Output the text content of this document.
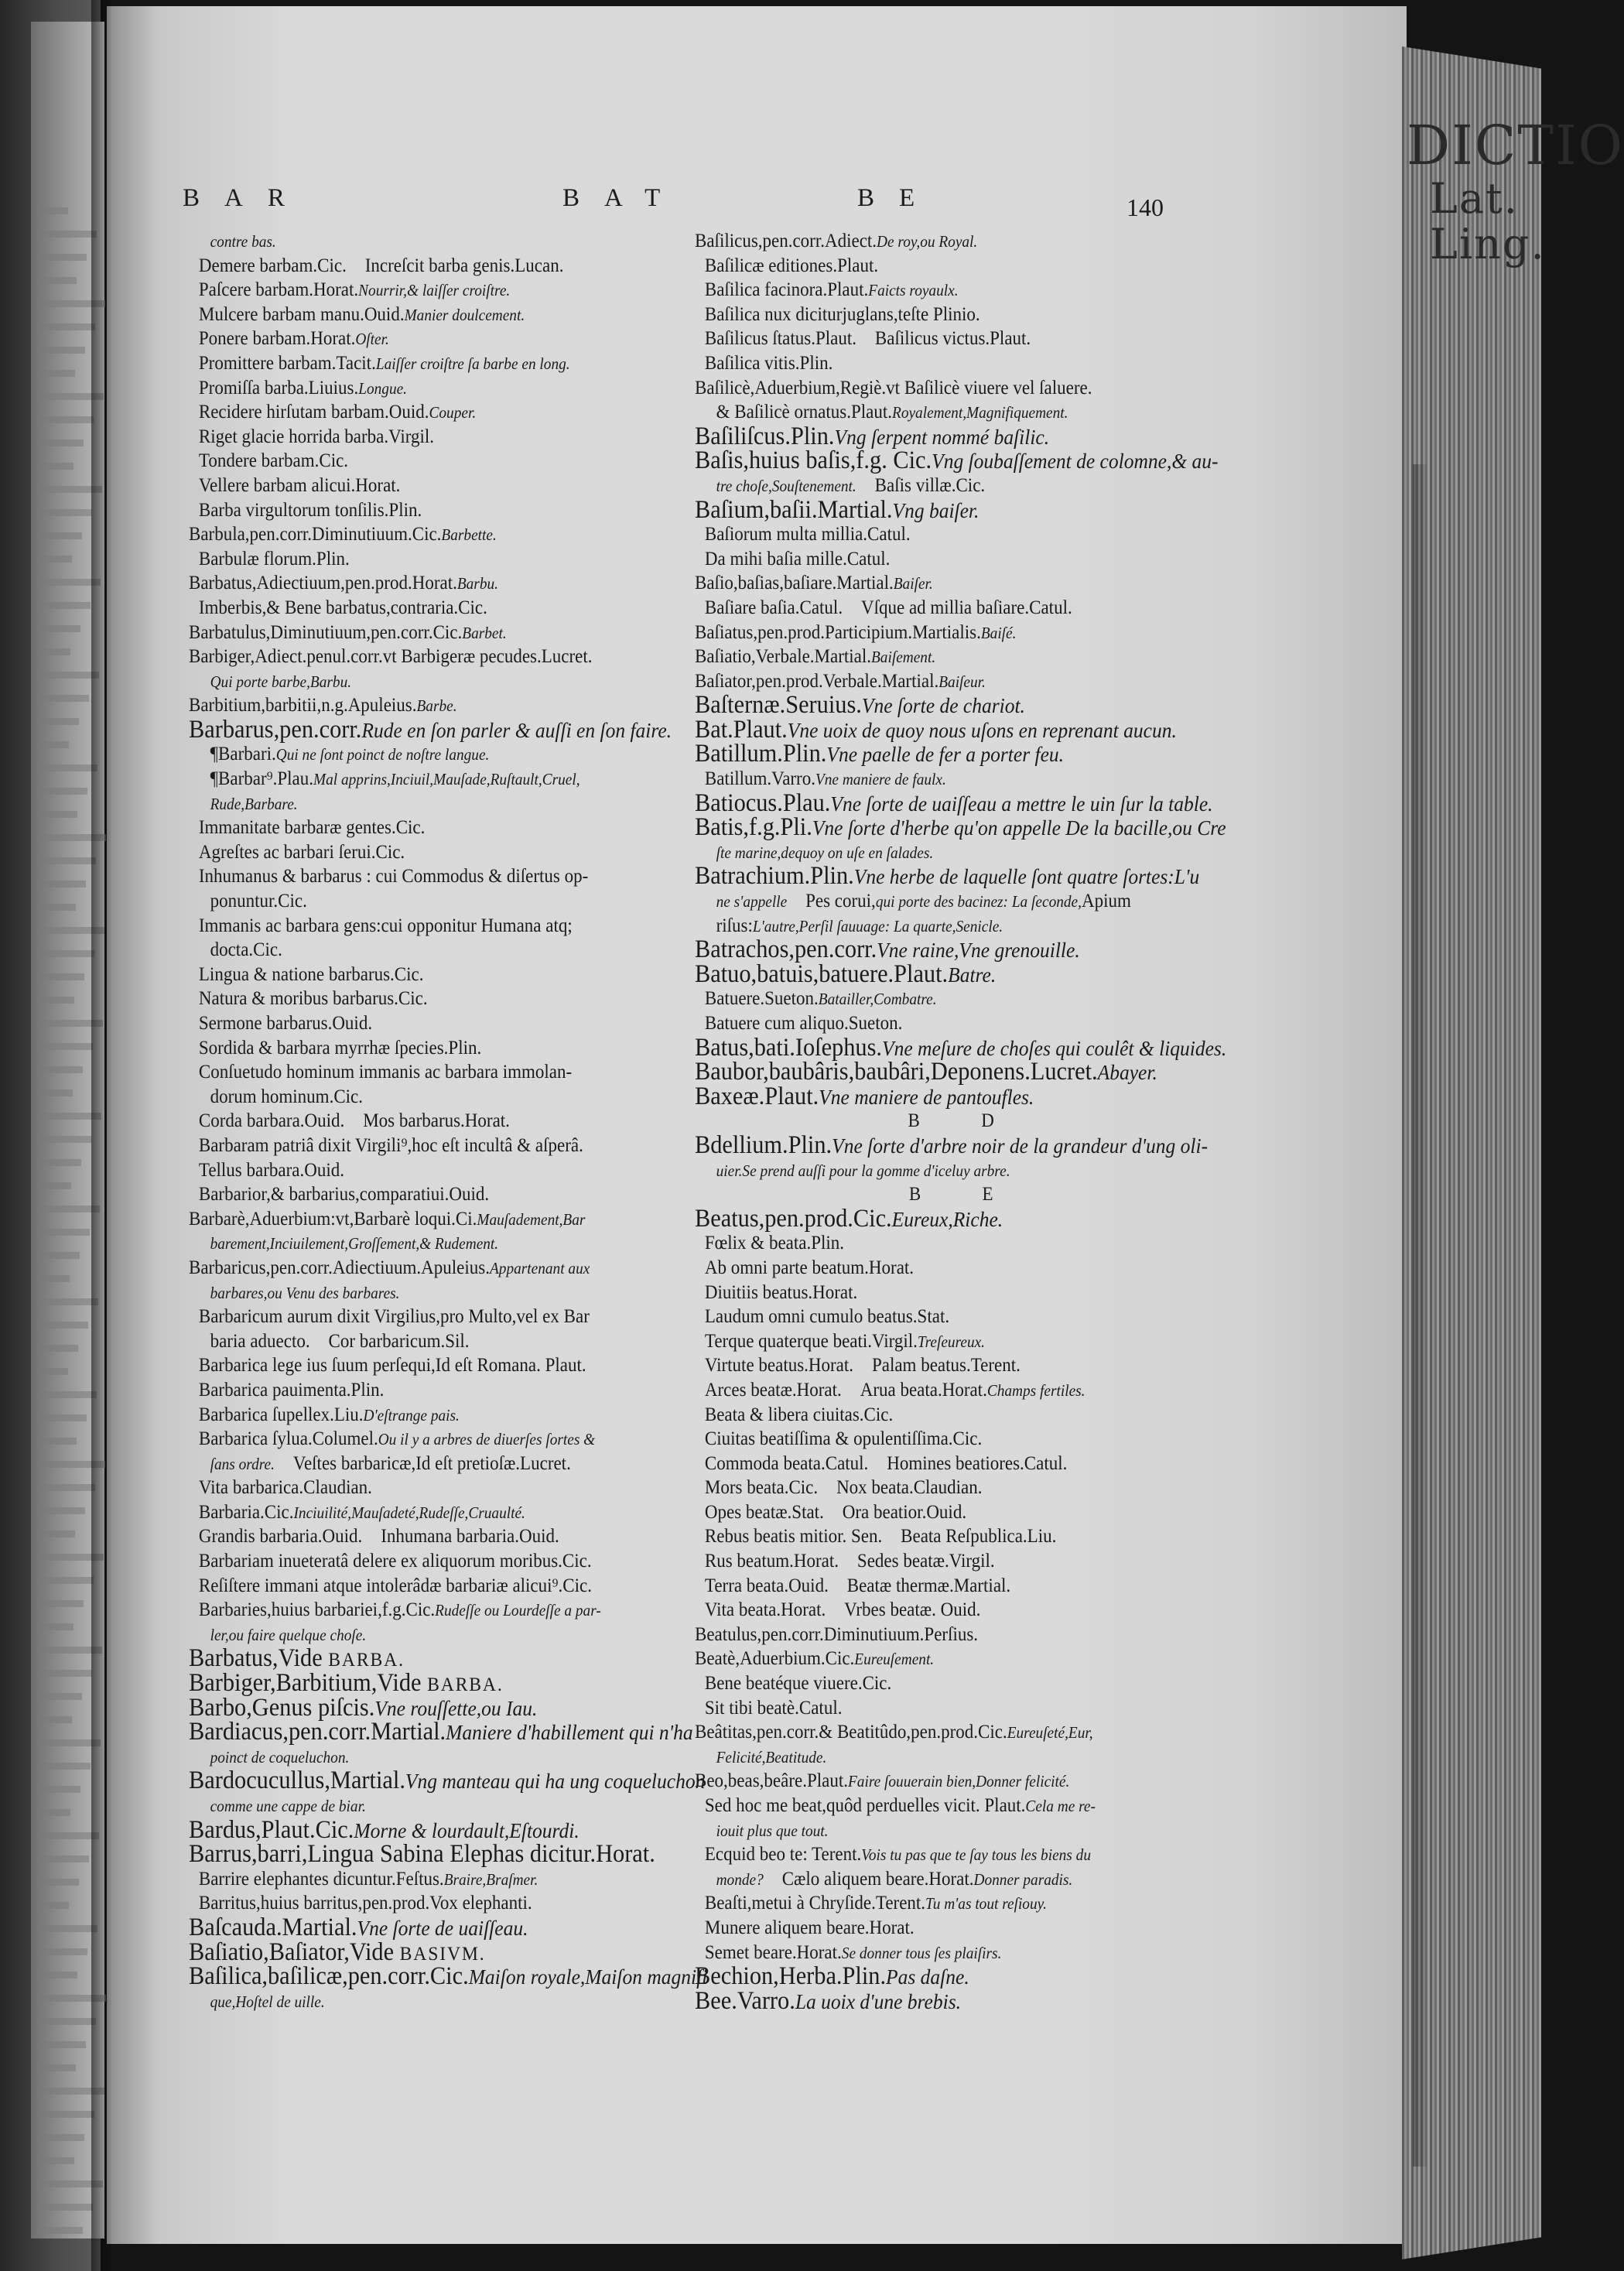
DICTIO
Lat. Ling.
BAR	BAT	BE	140
contre bas.
Demere barbam.Cic. Increſcit barba genis.Lucan.
Paſcere barbam.Horat.Nourrir,& laiſſer croiſtre.
Mulcere barbam manu.Ouid.Manier doulcement.
Ponere barbam.Horat.Oſter.
Promittere barbam.Tacit.Laiſſer croiſtre ſa barbe en long.
Promiſſa barba.Liuius.Longue.
Recidere hirſutam barbam.Ouid.Couper.
Riget glacie horrida barba.Virgil.
Tondere barbam.Cic.
Vellere barbam alicui.Horat.
Barba virgultorum tonſilis.Plin.
Barbula,pen.corr.Diminutiuum.Cic.Barbette.
Barbulæ florum.Plin.
Barbatus,Adiectiuum,pen.prod.Horat.Barbu.
Imberbis,& Bene barbatus,contraria.Cic.
Barbatulus,Diminutiuum,pen.corr.Cic.Barbet.
Barbiger,Adiect.penul.corr.vt Barbigeræ pecudes.Lucret.
Qui porte barbe,Barbu.
Barbitium,barbitii,n.g.Apuleius.Barbe.
Barbarus,pen.corr.Rude en ſon parler & auſſi en ſon faire.
¶Barbari.Qui ne ſont poinct de noſtre langue.
¶Barbar⁹.Plau.Mal apprins,Inciuil,Mauſade,Ruſtault,Cruel,
Rude,Barbare.
Immanitate barbaræ gentes.Cic.
Agreſtes ac barbari ſerui.Cic.
Inhumanus & barbarus : cui Commodus & diſertus op-
ponuntur.Cic.
Immanis ac barbara gens:cui opponitur Humana atq;
docta.Cic.
Lingua & natione barbarus.Cic.
Natura & moribus barbarus.Cic.
Sermone barbarus.Ouid.
Sordida & barbara myrrhæ ſpecies.Plin.
Conſuetudo hominum immanis ac barbara immolan-
dorum hominum.Cic.
Corda barbara.Ouid. Mos barbarus.Horat.
Barbaram patriâ dixit Virgili⁹,hoc eſt incultâ & aſperâ.
Tellus barbara.Ouid.
Barbarior,& barbarius,comparatiui.Ouid.
Barbarè,Aduerbium:vt,Barbarè loqui.Ci.Mauſadement,Bar
barement,Inciuilement,Groſſement,& Rudement.
Barbaricus,pen.corr.Adiectiuum.Apuleius.Appartenant aux
barbares,ou Venu des barbares.
Barbaricum aurum dixit Virgilius,pro Multo,vel ex Bar
baria aduecto. Cor barbaricum.Sil.
Barbarica lege ius ſuum perſequi,Id eſt Romana. Plaut.
Barbarica pauimenta.Plin.
Barbarica ſupellex.Liu.D'eſtrange pais.
Barbarica ſylua.Columel.Ou il y a arbres de diuerſes ſortes &
ſans ordre. Veſtes barbaricæ,Id eſt pretioſæ.Lucret.
Vita barbarica.Claudian.
Barbaria.Cic.Inciuilité,Mauſadeté,Rudeſſe,Cruaulté.
Grandis barbaria.Ouid. Inhumana barbaria.Ouid.
Barbariam inueteratâ delere ex aliquorum moribus.Cic.
Reſiſtere immani atque intolerâdæ barbariæ alicui⁹.Cic.
Barbaries,huius barbariei,f.g.Cic.Rudeſſe ou Lourdeſſe a par-
ler,ou faire quelque choſe.
Barbatus,Vide BARBA.
Barbiger,Barbitium,Vide BARBA.
Barbo,Genus piſcis.Vne rouſſette,ou Iau.
Bardiacus,pen.corr.Martial.Maniere d'habillement qui n'ha
poinct de coqueluchon.
Bardocucullus,Martial.Vng manteau qui ha ung coqueluchon
comme une cappe de biar.
Bardus,Plaut.Cic.Morne & lourdault,Eſtourdi.
Barrus,barri,Lingua Sabina Elephas dicitur.Horat.
Barrire elephantes dicuntur.Feſtus.Braire,Braſmer.
Barritus,huius barritus,pen.prod.Vox elephanti.
Baſcauda.Martial.Vne ſorte de uaiſſeau.
Baſiatio,Baſiator,Vide BASIVM.
Baſilica,baſilicæ,pen.corr.Cic.Maiſon royale,Maiſon magnifi
que,Hoſtel de uille.
Baſilicus,pen.corr.Adiect.De roy,ou Royal.
Baſilicæ editiones.Plaut.
Baſilica facinora.Plaut.Faicts royaulx.
Baſilica nux diciturjuglans,teſte Plinio.
Baſilicus ſtatus.Plaut. Baſilicus victus.Plaut.
Baſilica vitis.Plin.
Baſilicè,Aduerbium,Regiè.vt Baſilicè viuere vel ſaluere.
& Baſilicè ornatus.Plaut.Royalement,Magnifiquement.
Baſiliſcus.Plin.Vng ſerpent nommé baſilic.
Baſis,huius baſis,f.g. Cic.Vng ſoubaſſement de colomne,& au-
tre choſe,Souſtenement. Baſis villæ.Cic.
Baſium,baſii.Martial.Vng baiſer.
Baſiorum multa millia.Catul.
Da mihi baſia mille.Catul.
Baſio,baſias,baſiare.Martial.Baiſer.
Baſiare baſia.Catul. Vſque ad millia baſiare.Catul.
Baſiatus,pen.prod.Participium.Martialis.Baiſé.
Baſiatio,Verbale.Martial.Baiſement.
Baſiator,pen.prod.Verbale.Martial.Baiſeur.
Baſternæ.Seruius.Vne ſorte de chariot.
Bat.Plaut.Vne uoix de quoy nous uſons en reprenant aucun.
Batillum.Plin.Vne paelle de fer a porter feu.
Batillum.Varro.Vne maniere de faulx.
Batiocus.Plau.Vne ſorte de uaiſſeau a mettre le uin ſur la table.
Batis,f.g.Pli.Vne ſorte d'herbe qu'on appelle De la bacille,ou Cre
ſte marine,dequoy on uſe en ſalades.
Batrachium.Plin.Vne herbe de laquelle ſont quatre ſortes:L'u
ne s'appelle Pes corui,qui porte des bacinez: La ſeconde,Apium
riſus:L'autre,Perſil ſauuage: La quarte,Senicle.
Batrachos,pen.corr.Vne raine,Vne grenouille.
Batuo,batuis,batuere.Plaut.Batre.
Batuere.Sueton.Batailler,Combatre.
Batuere cum aliquo.Sueton.
Batus,bati.Ioſephus.Vne meſure de choſes qui coulêt & liquides.
Baubor,baubâris,baubâri,Deponens.Lucret.Abayer.
Baxeæ.Plaut.Vne maniere de pantoufles.
B D
Bdellium.Plin.Vne ſorte d'arbre noir de la grandeur d'ung oli-
uier.Se prend auſſi pour la gomme d'iceluy arbre.
B E
Beatus,pen.prod.Cic.Eureux,Riche.
Fœlix & beata.Plin.
Ab omni parte beatum.Horat.
Diuitiis beatus.Horat.
Laudum omni cumulo beatus.Stat.
Terque quaterque beati.Virgil.Treſeureux.
Virtute beatus.Horat. Palam beatus.Terent.
Arces beatæ.Horat. Arua beata.Horat.Champs fertiles.
Beata & libera ciuitas.Cic.
Ciuitas beatiſſima & opulentiſſima.Cic.
Commoda beata.Catul. Homines beatiores.Catul.
Mors beata.Cic. Nox beata.Claudian.
Opes beatæ.Stat. Ora beatior.Ouid.
Rebus beatis mitior. Sen. Beata Reſpublica.Liu.
Rus beatum.Horat. Sedes beatæ.Virgil.
Terra beata.Ouid. Beatæ thermæ.Martial.
Vita beata.Horat. Vrbes beatæ. Ouid.
Beatulus,pen.corr.Diminutiuum.Perſius.
Beatè,Aduerbium.Cic.Eureuſement.
Bene beatéque viuere.Cic.
Sit tibi beatè.Catul.
Beâtitas,pen.corr.& Beatitûdo,pen.prod.Cic.Eureuſeté,Eur,
Felicité,Beatitude.
Beo,beas,beâre.Plaut.Faire ſouuerain bien,Donner felicité.
Sed hoc me beat,quôd perduelles vicit. Plaut.Cela me re-
iouit plus que tout.
Ecquid beo te: Terent.Vois tu pas que te ſay tous les biens du
monde? Cælo aliquem beare.Horat.Donner paradis.
Beaſti,metui à Chryſide.Terent.Tu m'as tout reſiouy.
Munere aliquem beare.Horat.
Semet beare.Horat.Se donner tous ſes plaiſirs.
Bechion,Herba.Plin.Pas daſne.
Bee.Varro.La uoix d'une brebis.
